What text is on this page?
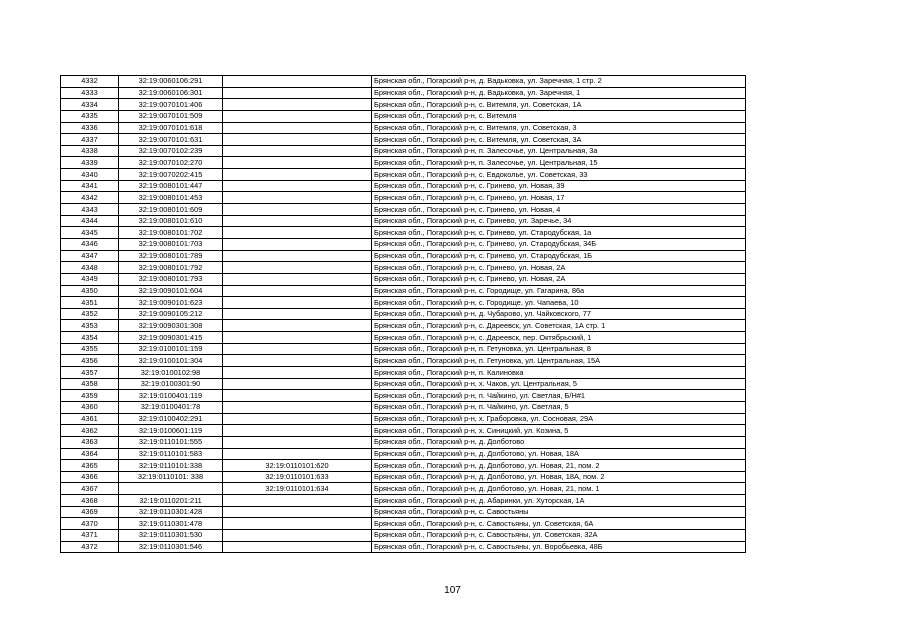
4332	32:19:0060106:291		Брянская обл., Погарский р-н, д. Вадьковка, ул. Заречная, 1 стр. 2
4333	32:19:0060106:301		Брянская обл., Погарский р-н, д. Вадьковка, ул. Заречная, 1
4334	32:19:0070101:406		Брянская обл., Погарский р-н, с. Витемля, ул. Советская, 1А
4335	32:19:0070101:509		Брянская обл., Погарский р-н, с. Витемля
4336	32:19:0070101:618		Брянская обл., Погарский р-н, с. Витемля, ул. Советская, 3
4337	32:19:0070101:631		Брянская обл., Погарский р-н, с. Витемля, ул. Советская, 3А
4338	32:19:0070102:239		Брянская обл., Погарский р-н, п. Залесочье, ул. Центральная, 3а
4339	32:19:0070102:270		Брянская обл., Погарский р-н, п. Залесочье, ул. Центральная, 15
4340	32:19:0070202:415		Брянская обл., Погарский р-н, с. Евдоколье, ул. Советская, 33
4341	32:19:0080101:447		Брянская обл., Погарский р-н, с. Гринево, ул. Новая, 39
4342	32:19:0080101:453		Брянская обл., Погарский р-н, с. Гринево, ул. Новая, 17
4343	32:19:0080101:609		Брянская обл., Погарский р-н, с. Гринево, ул. Новая, 4
4344	32:19:0080101:610		Брянская обл., Погарский р-н, с. Гринево, ул. Заречье, 34
4345	32:19:0080101:702		Брянская обл., Погарский р-н, с. Гринево, ул. Стародубская, 1а
4346	32:19:0080101:703		Брянская обл., Погарский р-н, с. Гринево, ул. Стародубская, 34Б
4347	32:19:0080101:789		Брянская обл., Погарский р-н, с. Гринево, ул. Стародубская, 1Б
4348	32:19:0080101:792		Брянская обл., Погарский р-н, с. Гринево, ул. Новая, 2А
4349	32:19:0080101:793		Брянская обл., Погарский р-н, с. Гринево, ул. Новая, 2А
4350	32:19:0090101:604		Брянская обл., Погарский р-н, с. Городище, ул. Гагарина, 86а
4351	32:19:0090101:623		Брянская обл., Погарский р-н, с. Городище, ул. Чапаева, 10
4352	32:19:0090105:212		Брянская обл., Погарский р-н, д. Чубарово, ул. Чайковского, 77
4353	32:19:0090301:308		Брянская обл., Погарский р-н, с. Дареевск, ул. Советская, 1А стр. 1
4354	32:19:0090301:415		Брянская обл., Погарский р-н, с. Дареевск, пер. Октябрьский, 1
4355	32:19:0100101:159		Брянская обл., Погарский р-н, п. Гетуновка, ул. Центральная, 8
4356	32:19:0100101:304		Брянская обл., Погарский р-н, п. Гетуновка, ул. Центральная, 15А
4357	32:19:0100102:98		Брянская обл., Погарский р-н, п. Калиновка
4358	32:19:0100301:90		Брянская обл., Погарский р-н, х. Чаков, ул. Центральная, 5
4359	32:19:0100401:119		Брянская обл., Погарский р-н, п. Чайкино, ул. Светлая, Б/Н#1
4360	32:19:0100401:78		Брянская обл., Погарский р-н, п. Чайкино, ул. Светлая, 5
4361	32:19:0100402:291		Брянская обл., Погарский р-н, х. Граборовка, ул. Сосновая, 29А
4362	32:19:0100601:119		Брянская обл., Погарский р-н, х. Синицкий, ул. Козина, 5
4363	32:19:0110101:555		Брянская обл., Погарский р-н, д. Долботово
4364	32:19:0110101:583		Брянская обл., Погарский р-н, д. Долботово, ул. Новая, 18А
4365	32:19:0110101:338	32:19:0110101:620	Брянская обл., Погарский р-н, д. Долботово, ул. Новая, 21, пом. 2
4366	32:19:0110101: 338	32:19:0110101:633	Брянская обл., Погарский р-н, д. Долботово, ул. Новая, 18А, пом. 2
4367		32:19:0110101:634	Брянская обл., Погарский р-н, д. Долботово, ул. Новая, 21, пом. 1
4368	32:19:0110201:211		Брянская обл., Погарский р-н, д. Абаринки, ул. Хуторская, 1А
4369	32:19:0110301:428		Брянская обл., Погарский р-н, с. Савостьяны
4370	32:19:0110301:478		Брянская обл., Погарский р-н, с. Савостьяны, ул. Советская, 6А
4371	32:19:0110301:530		Брянская обл., Погарский р-н, с. Савостьяны, ул. Советская, 32А
4372	32:19:0110301:546		Брянская обл., Погарский р-н, с. Савостьяны, ул. Воробьевка, 48Б
107
